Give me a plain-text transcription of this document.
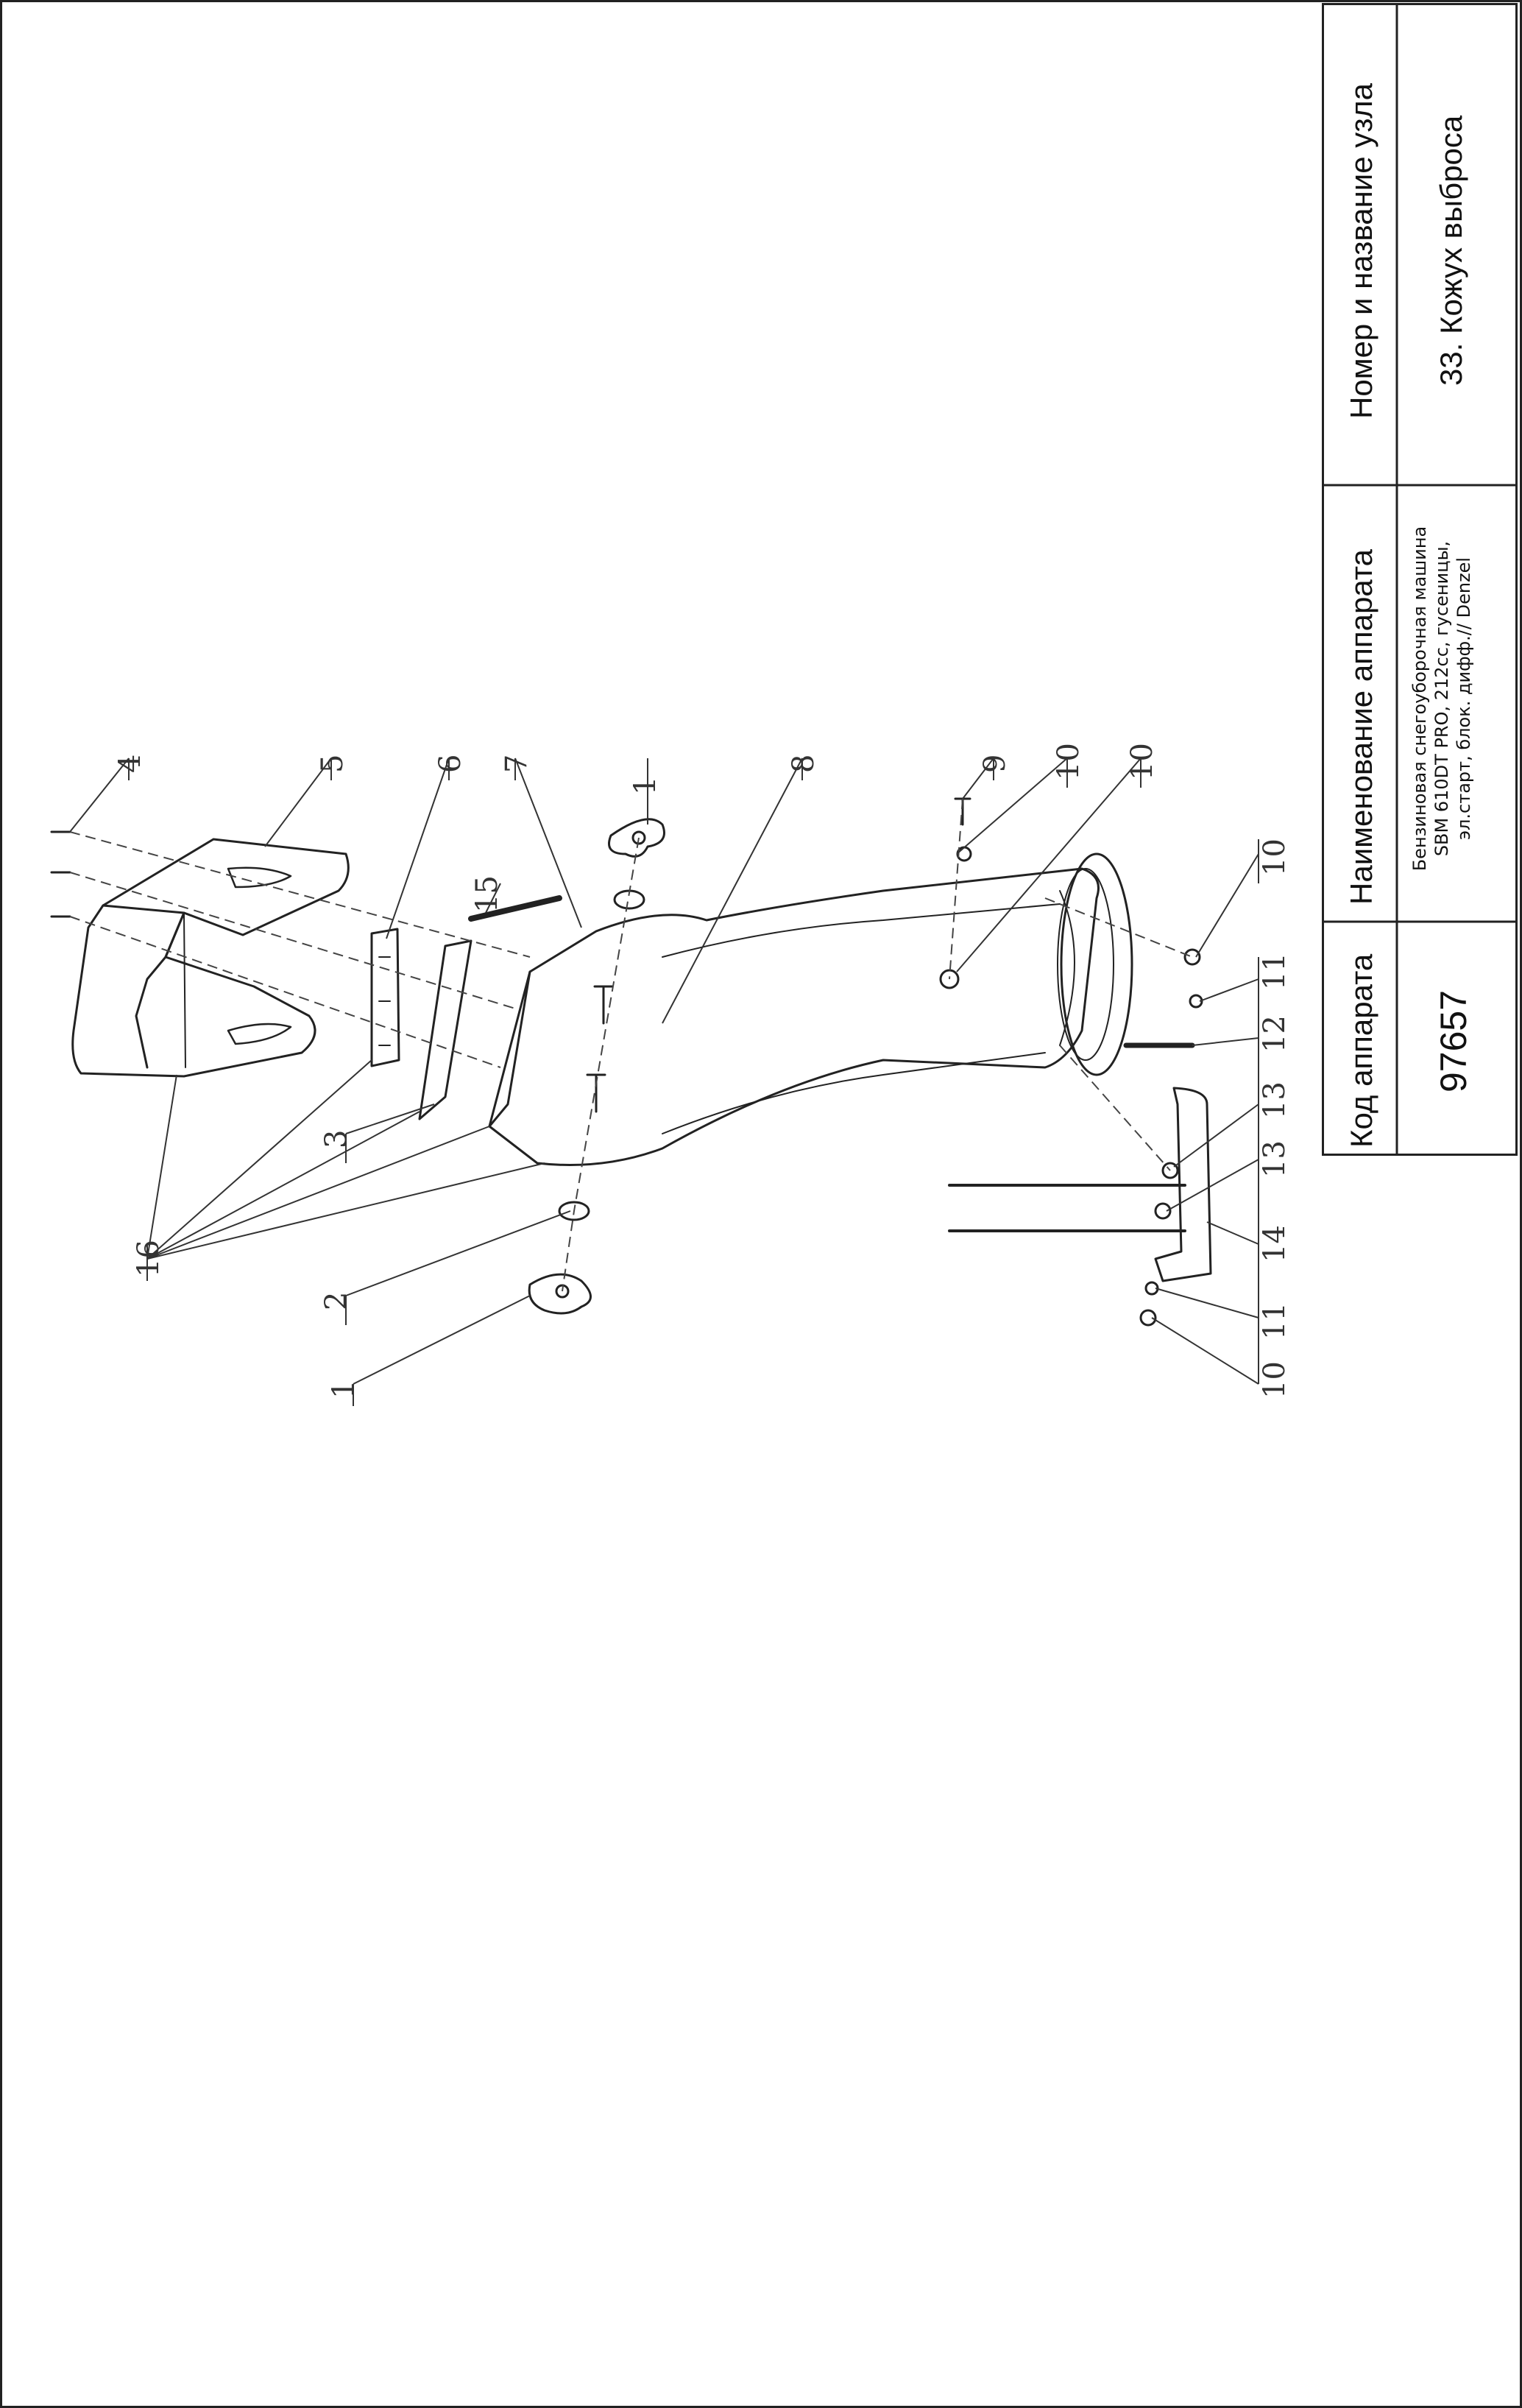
1
1
2
3
4	5	6 7	8	9 10 10
10
10
11
11
12
13
13
14
15
16
Код аппарата 97657
Наименование аппарата Бензиновая снегоуборочная машина SBM 610DT PRO, 212cc, гусеницы, эл.старт, блок. дифф.// Denzel
Номер и название узла 33. Кожух выброса
